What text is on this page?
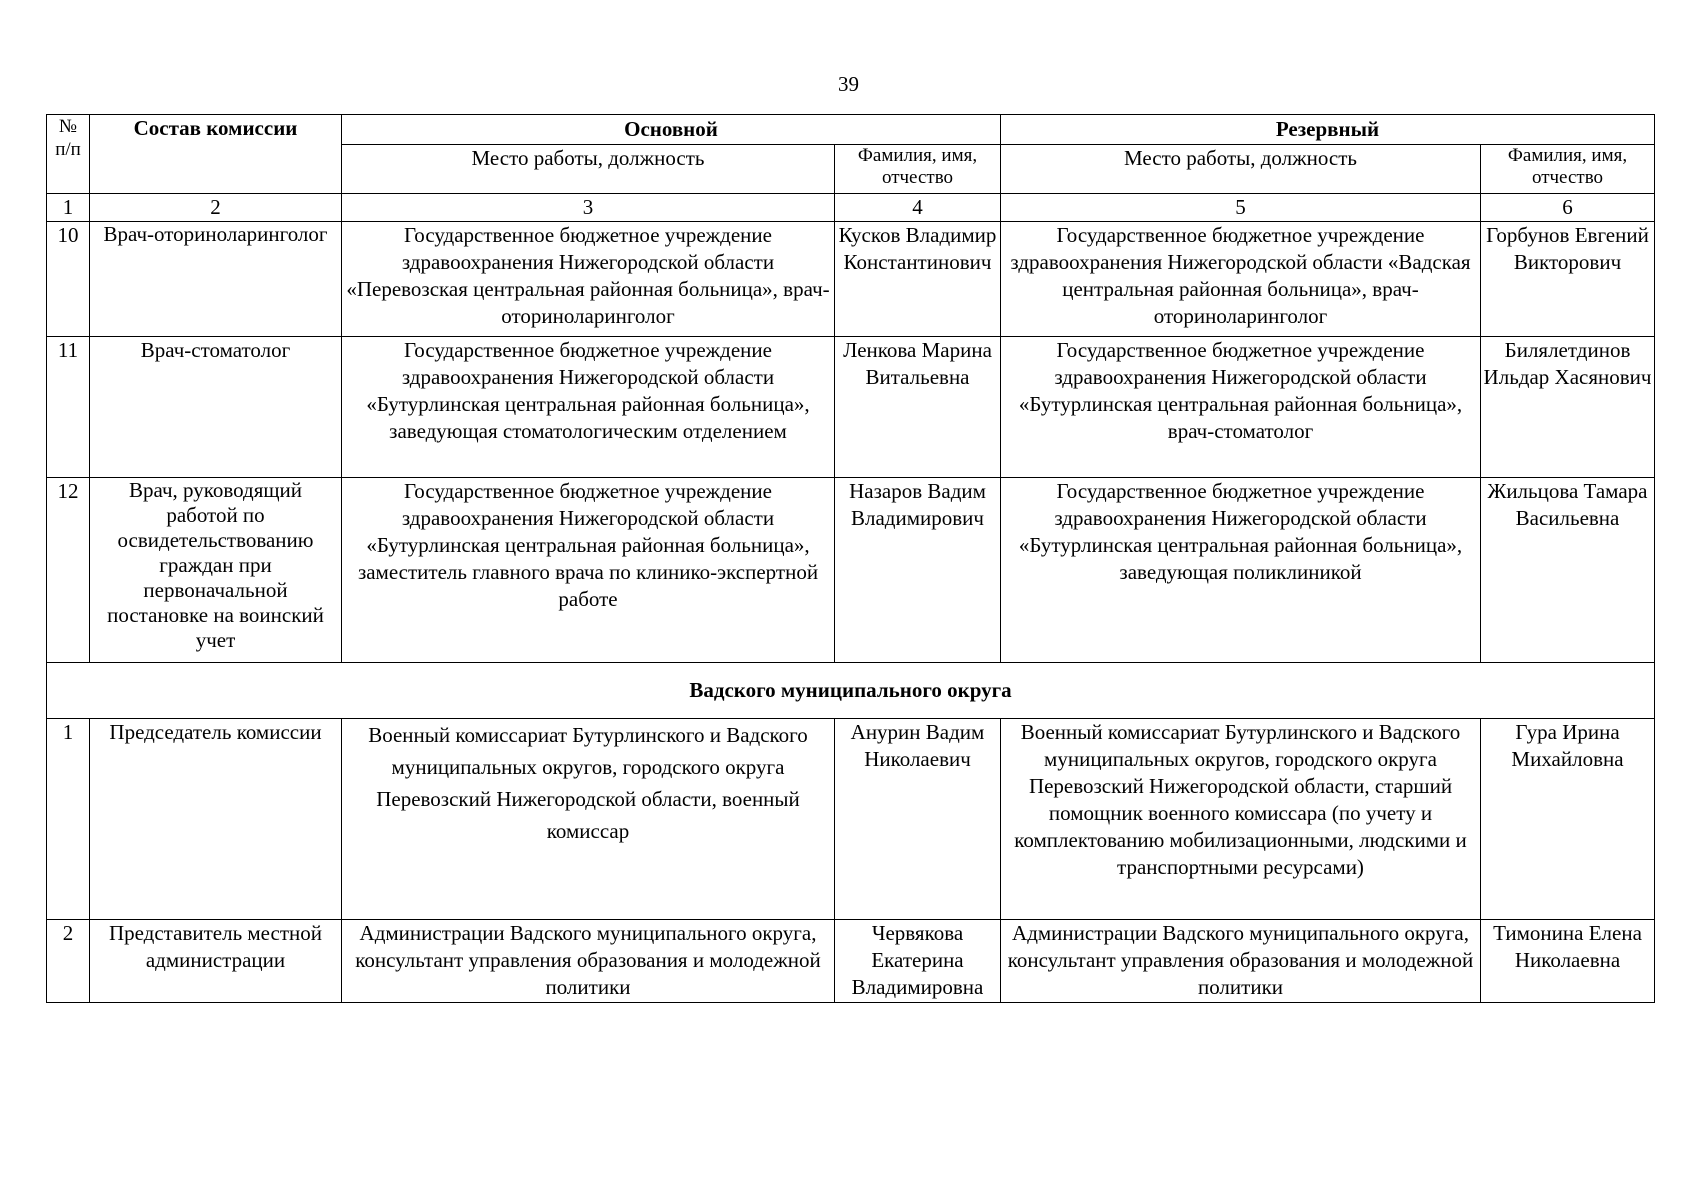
39
№ п/п	Состав комиссии	Основной		Резервный	
		Место работы, должность	Фамилия, имя, отчество	Место работы, должность	Фамилия, имя, отчество
1	2	3	4	5	6
10	Врач-оториноларинголог	Государственное бюджетное учреждение здравоохранения Нижегородской области «Перевозская центральная районная больница», врач-оториноларинголог	Кусков Владимир Константинович	Государственное бюджетное учреждение здравоохранения Нижегородской области «Вадская центральная районная больница», врач-оториноларинголог	Горбунов Евгений Викторович
11	Врач-стоматолог	Государственное бюджетное учреждение здравоохранения Нижегородской области «Бутурлинская центральная районная больница», заведующая стоматологическим отделением	Ленкова Марина Витальевна	Государственное бюджетное учреждение здравоохранения Нижегородской области «Бутурлинская центральная районная больница», врач-стоматолог	Билялетдинов Ильдар Хасянович
12	Врач, руководящий работой по освидетельствованию граждан при первоначальной постановке на воинский учет	Государственное бюджетное учреждение здравоохранения Нижегородской области «Бутурлинская центральная районная больница», заместитель главного врача по клинико-экспертной работе	Назаров Вадим Владимирович	Государственное бюджетное учреждение здравоохранения Нижегородской области «Бутурлинская центральная районная больница», заведующая поликлиникой	Жильцова Тамара Васильевна
Вадского муниципального округа					
1	Председатель комиссии	Военный комиссариат Бутурлинского и Вадского муниципальных округов, городского округа Перевозский Нижегородской области, военный комиссар	Анурин Вадим Николаевич	Военный комиссариат Бутурлинского и Вадского муниципальных округов, городского округа Перевозский Нижегородской области, старший помощник военного комиссара (по учету и комплектованию мобилизационными, людскими и транспортными ресурсами)	Гура Ирина Михайловна
2	Представитель местной администрации	Администрации Вадского муниципального округа, консультант управления образования и молодежной политики	Червякова Екатерина Владимировна	Администрации Вадского муниципального округа, консультант управления образования и молодежной политики	Тимонина Елена Николаевна
